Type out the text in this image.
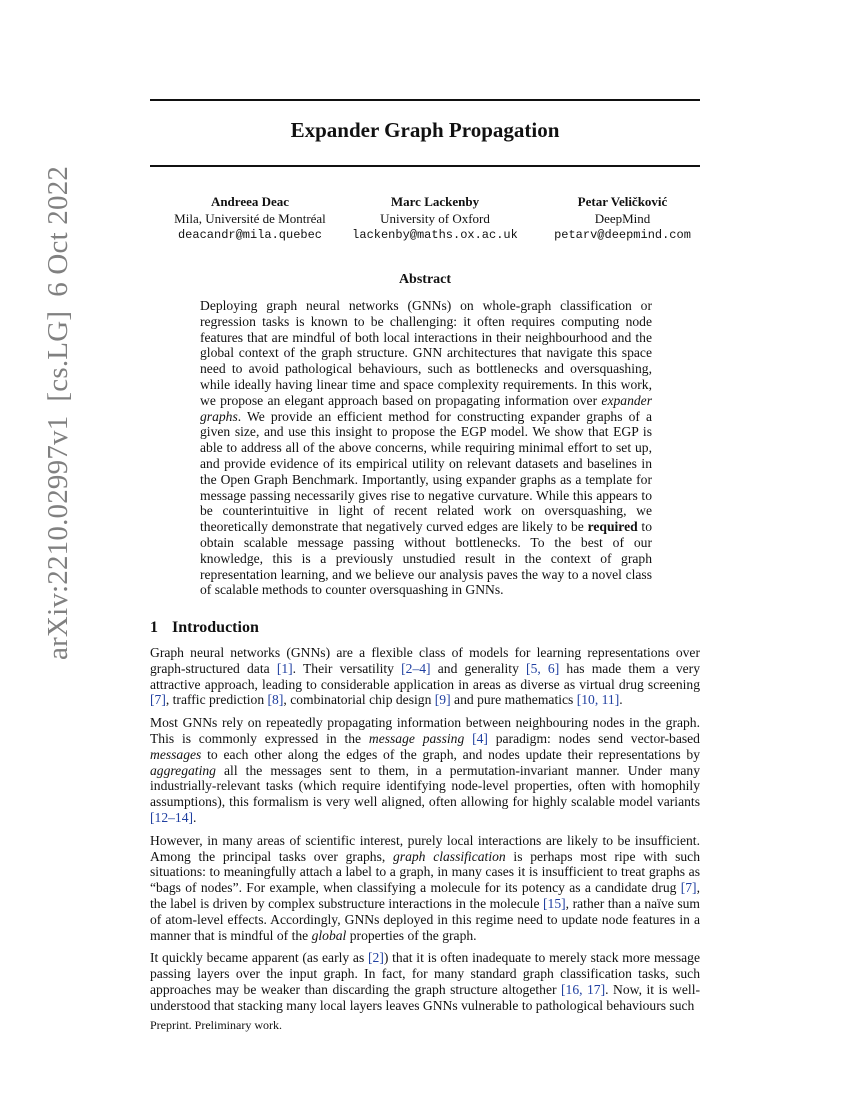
arXiv:2210.02997v1[cs.LG]6 Oct 2022
Expander Graph Propagation
Andreea Deac
Mila, Université de Montréal
deacandr@mila.quebec
Marc Lackenby
University of Oxford
lackenby@maths.ox.ac.uk
Petar Veličković
DeepMind
petarv@deepmind.com
Abstract

Deploying graph neural networks (GNNs) on whole-graph classification or regression tasks is known to be challenging: it often requires computing node features that are mindful of both local interactions in their neighbourhood and the global context of the graph structure. GNN architectures that navigate this space need to avoid pathological behaviours, such as bottlenecks and oversquashing, while ideally having linear time and space complexity requirements. In this work, we propose an elegant approach based on propagating information over expander graphs. We provide an efficient method for constructing expander graphs of a given size, and use this insight to propose the EGP model. We show that EGP is able to address all of the above concerns, while requiring minimal effort to set up, and provide evidence of its empirical utility on relevant datasets and baselines in the Open Graph Benchmark. Importantly, using expander graphs as a template for message passing necessarily gives rise to negative curvature. While this appears to be counterintuitive in light of recent related work on oversquashing, we theoretically demonstrate that negatively curved edges are likely to be required to obtain scalable message passing without bottlenecks. To the best of our knowledge, this is a previously unstudied result in the context of graph representation learning, and we believe our analysis paves the way to a novel class of scalable methods to counter oversquashing in GNNs.

1 Introduction

Graph neural networks (GNNs) are a flexible class of models for learning representations over graph-structured data [1]. Their versatility [2–4] and generality [5, 6] has made them a very attractive approach, leading to considerable application in areas as diverse as virtual drug screening [7], traffic prediction [8], combinatorial chip design [9] and pure mathematics [10, 11].

Most GNNs rely on repeatedly propagating information between neighbouring nodes in the graph. This is commonly expressed in the message passing [4] paradigm: nodes send vector-based messages to each other along the edges of the graph, and nodes update their representations by aggregating all the messages sent to them, in a permutation-invariant manner. Under many industrially-relevant tasks (which require identifying node-level properties, often with homophily assumptions), this formalism is very well aligned, often allowing for highly scalable model variants [12–14].

However, in many areas of scientific interest, purely local interactions are likely to be insufficient. Among the principal tasks over graphs, graph classification is perhaps most ripe with such situations: to meaningfully attach a label to a graph, in many cases it is insufficient to treat graphs as “bags of nodes”. For example, when classifying a molecule for its potency as a candidate drug [7], the label is driven by complex substructure interactions in the molecule [15], rather than a naïve sum of atom-level effects. Accordingly, GNNs deployed in this regime need to update node features in a manner that is mindful of the global properties of the graph.

It quickly became apparent (as early as [2]) that it is often inadequate to merely stack more message passing layers over the input graph. In fact, for many standard graph classification tasks, such approaches may be weaker than discarding the graph structure altogether [16, 17]. Now, it is well-understood that stacking many local layers leaves GNNs vulnerable to pathological behaviours such

Preprint. Preliminary work.
